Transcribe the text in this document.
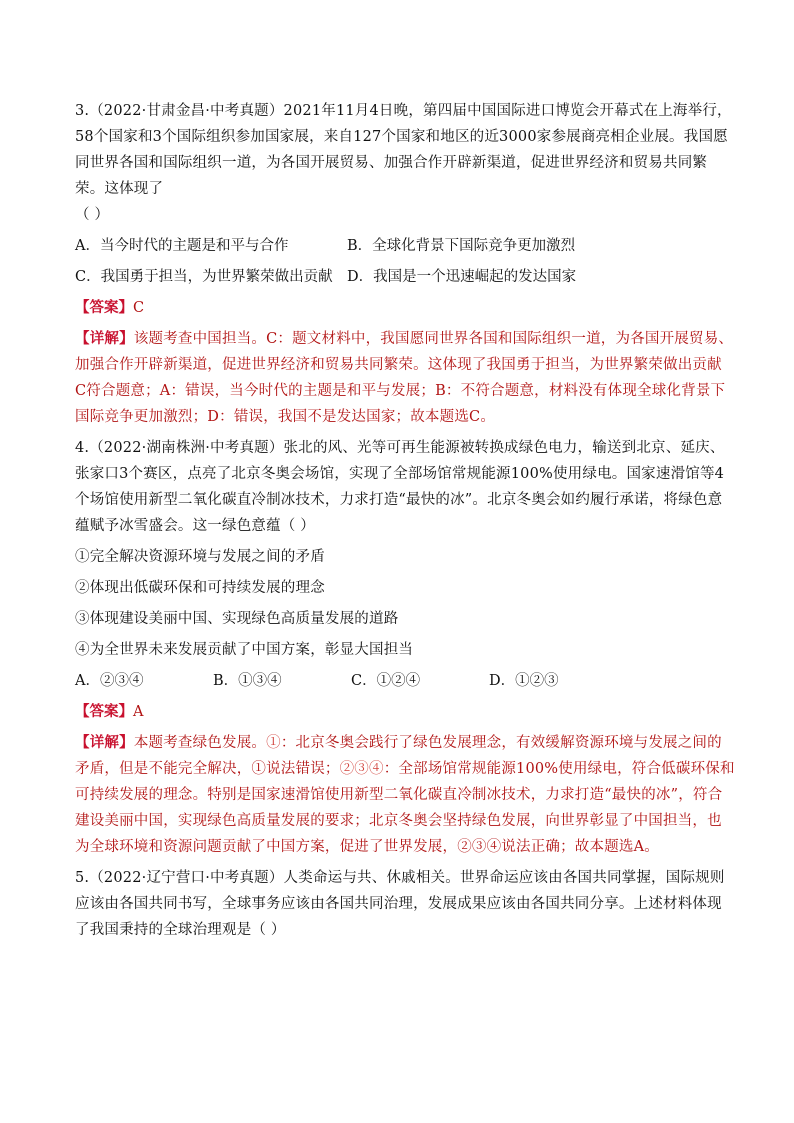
3.（2022·甘肃金昌·中考真题）2021年11月4日晚，第四届中国国际进口博览会开幕式在上海举行，58个国家和3个国际组织参加国家展，来自127个国家和地区的近3000家参展商亮相企业展。我国愿同世界各国和国际组织一道，为各国开展贸易、加强合作开辟新渠道，促进世界经济和贸易共同繁荣。这体现了
（ ）

A．当今时代的主题是和平与合作	B．全球化背景下国际竞争更加激烈
C．我国勇于担当，为世界繁荣做出贡献 D．我国是一个迅速崛起的发达国家

【答案】C

【详解】该题考查中国担当。C：题文材料中，我国愿同世界各国和国际组织一道，为各国开展贸易、加强合作开辟新渠道，促进世界经济和贸易共同繁荣。这体现了我国勇于担当，为世界繁荣做出贡献 C符合题意；A：错误，当今时代的主题是和平与发展；B：不符合题意，材料没有体现全球化背景下国际竞争更加激烈；D：错误，我国不是发达国家；故本题选C。

4.（2022·湖南株洲·中考真题）张北的风、光等可再生能源被转换成绿色电力，输送到北京、延庆、张家口3个赛区，点亮了北京冬奥会场馆，实现了全部场馆常规能源100%使用绿电。国家速滑馆等4个场馆使用新型二氧化碳直冷制冰技术，力求打造“最快的冰”。北京冬奥会如约履行承诺，将绿色意蕴赋予冰雪盛会。这一绿色意蕴（ ）

①完全解决资源环境与发展之间的矛盾

②体现出低碳环保和可持续发展的理念

③体现建设美丽中国、实现绿色高质量发展的道路

④为全世界未来发展贡献了中国方案，彰显大国担当

A．②③④	B．①③④	C．①②④	D．①②③

【答案】A

【详解】本题考查绿色发展。①：北京冬奥会践行了绿色发展理念，有效缓解资源环境与发展之间的矛盾，但是不能完全解决，①说法错误；②③④：全部场馆常规能源100%使用绿电，符合低碳环保和可持续发展的理念。特别是国家速滑馆使用新型二氧化碳直冷制冰技术，力求打造“最快的冰”，符合建设美丽中国，实现绿色高质量发展的要求；北京冬奥会坚持绿色发展，向世界彰显了中国担当，也为全球环境和资源问题贡献了中国方案，促进了世界发展，②③④说法正确；故本题选A。

5.（2022·辽宁营口·中考真题）人类命运与共、休戚相关。世界命运应该由各国共同掌握，国际规则应该由各国共同书写，全球事务应该由各国共同治理，发展成果应该由各国共同分享。上述材料体现了我国秉持的全球治理观是（ ）
